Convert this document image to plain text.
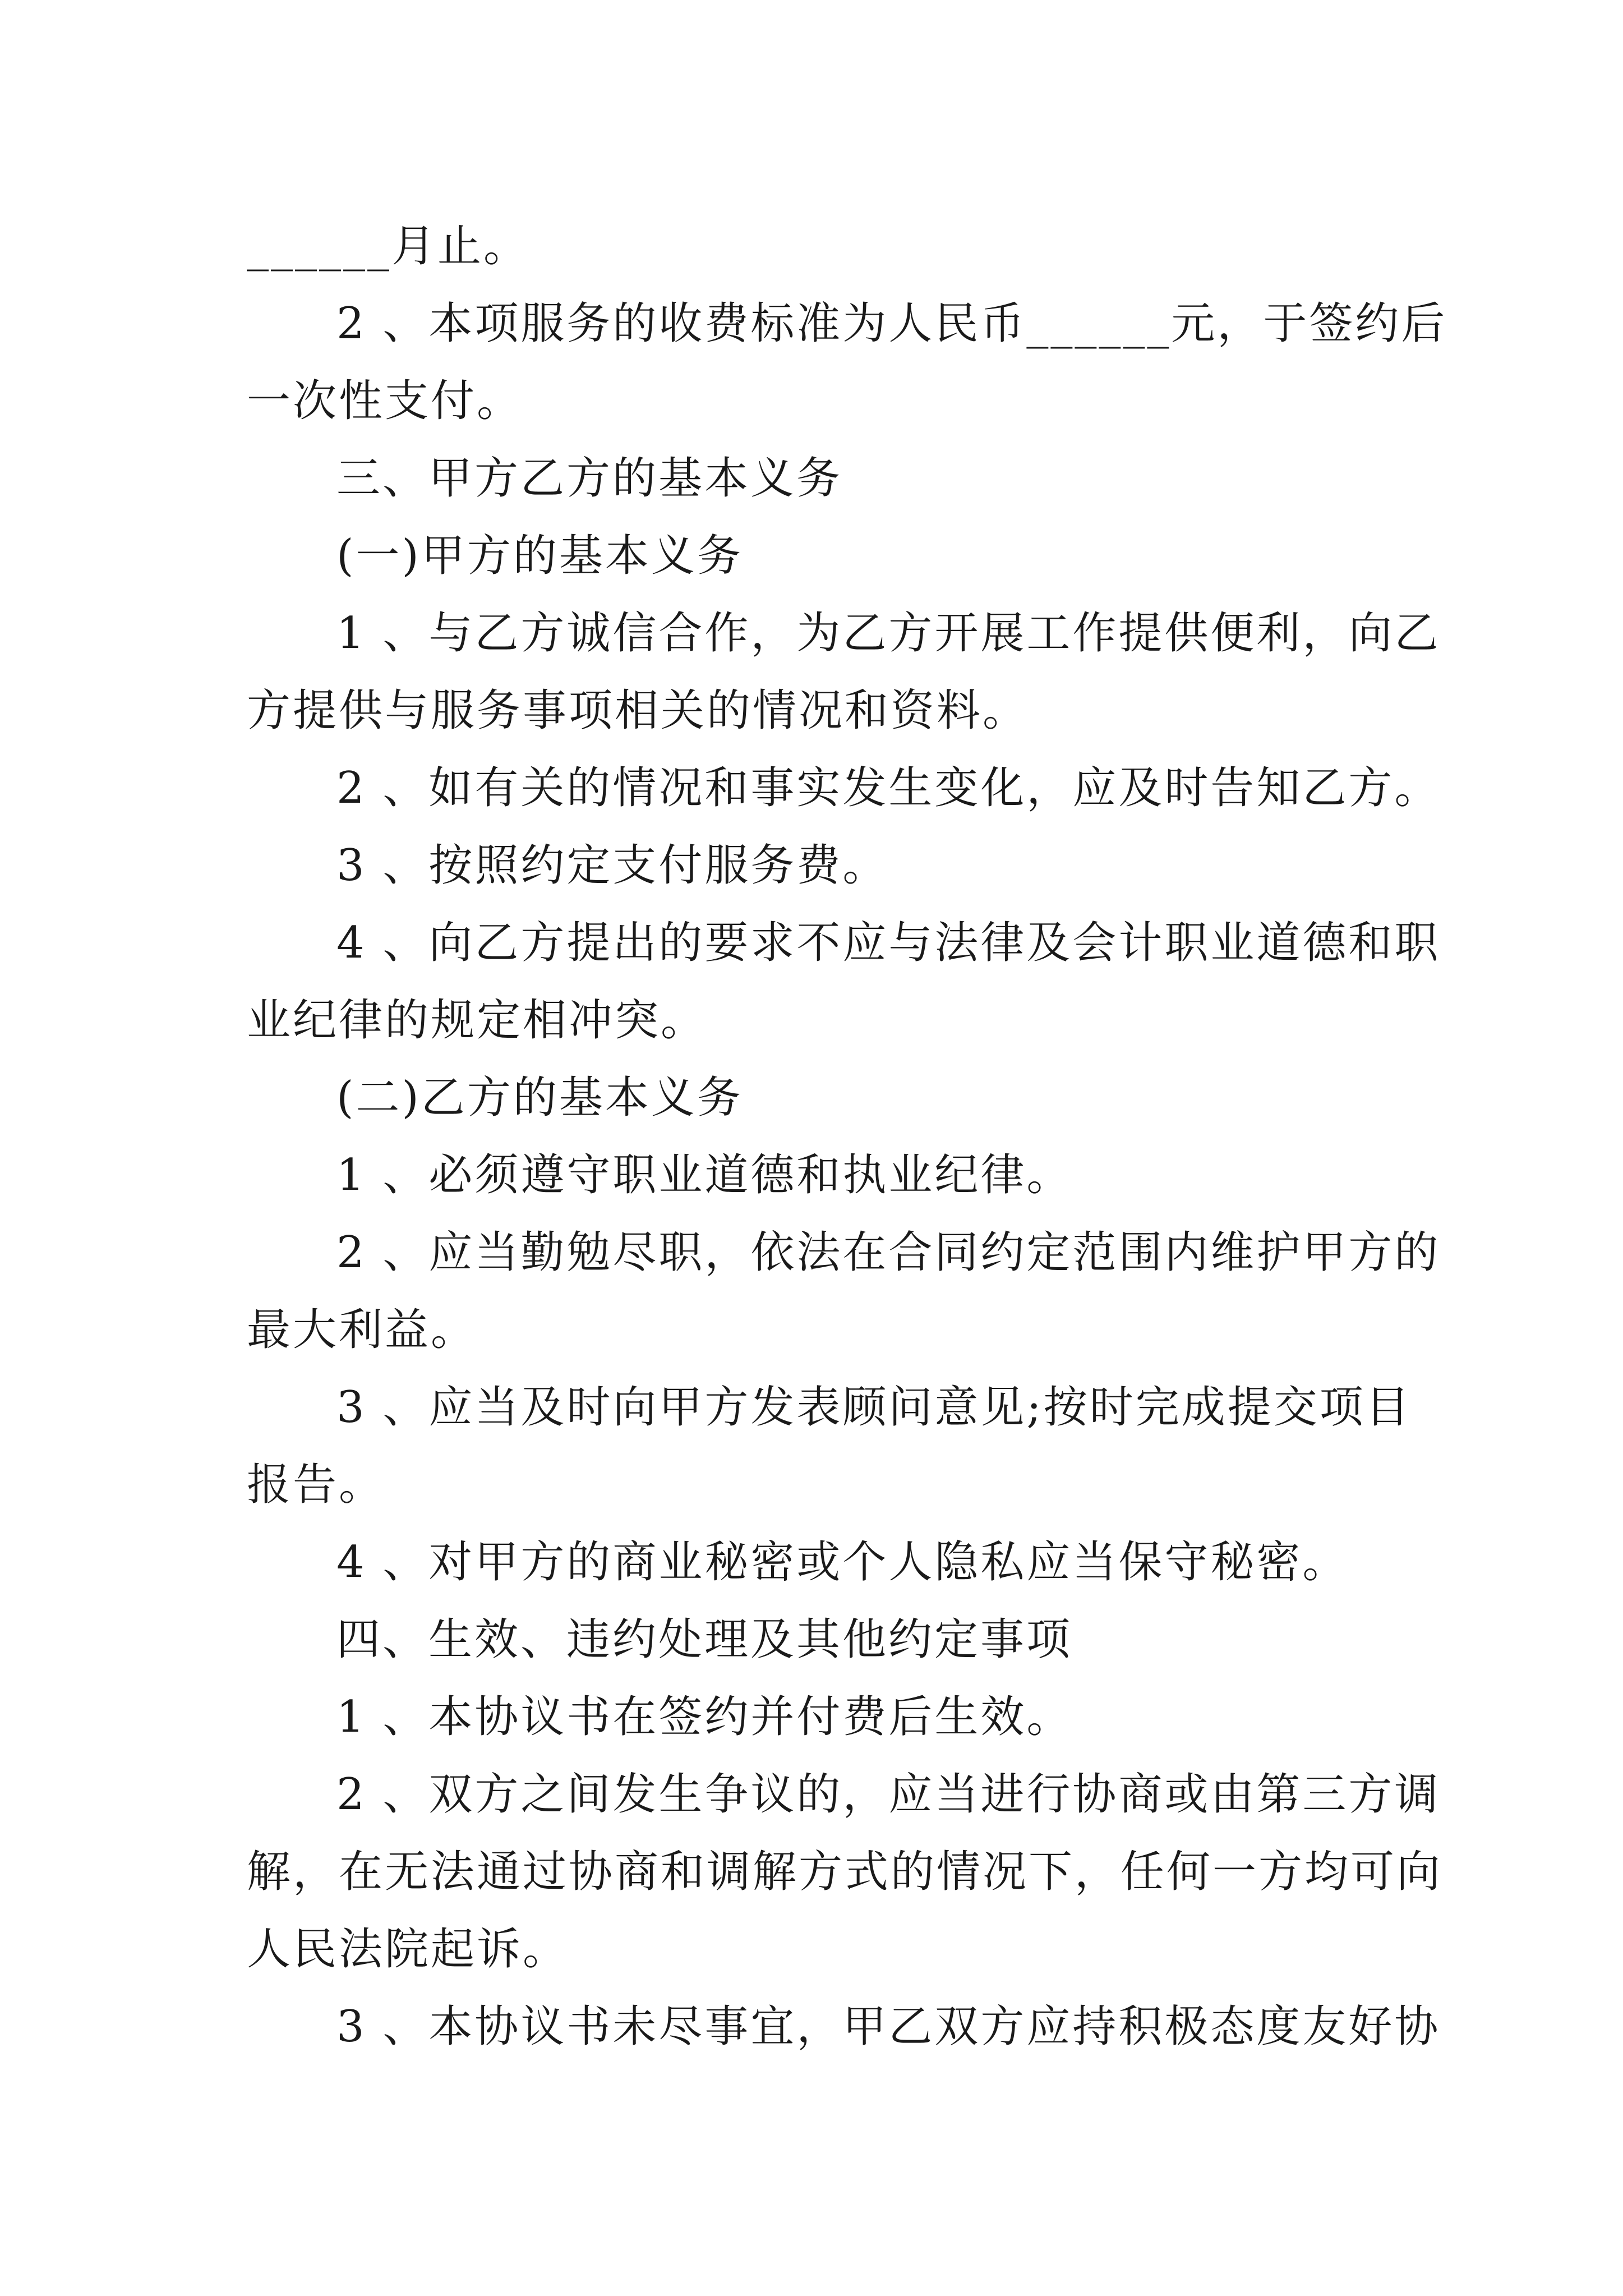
______月止。
2 、本项服务的收费标准为人民币______元，于签约后
一次性支付。
三、甲方乙方的基本义务
(一)甲方的基本义务
1 、与乙方诚信合作，为乙方开展工作提供便利，向乙
方提供与服务事项相关的情况和资料。
2 、如有关的情况和事实发生变化，应及时告知乙方。
3 、按照约定支付服务费。
4 、向乙方提出的要求不应与法律及会计职业道德和职
业纪律的规定相冲突。
(二)乙方的基本义务
1 、必须遵守职业道德和执业纪律。
2 、应当勤勉尽职，依法在合同约定范围内维护甲方的
最大利益。
3 、应当及时向甲方发表顾问意见;按时完成提交项目
报告。
4 、对甲方的商业秘密或个人隐私应当保守秘密。
四、生效、违约处理及其他约定事项
1 、本协议书在签约并付费后生效。
2 、双方之间发生争议的，应当进行协商或由第三方调
解，在无法通过协商和调解方式的情况下，任何一方均可向
人民法院起诉。
3 、本协议书未尽事宜，甲乙双方应持积极态度友好协
